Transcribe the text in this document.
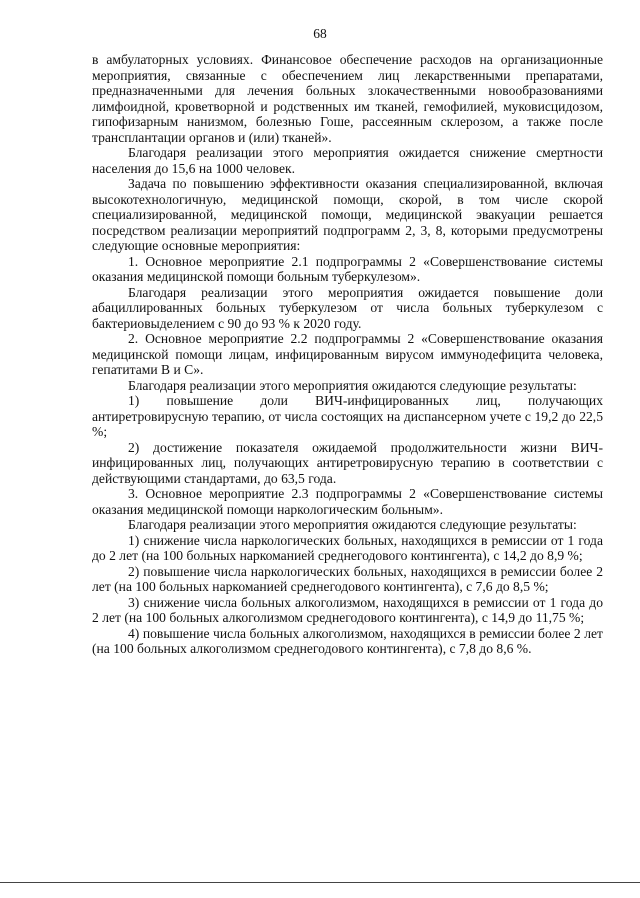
68

в амбулаторных условиях. Финансовое обеспечение расходов на организационные мероприятия, связанные с обеспечением лиц лекарственными препаратами, предназначенными для лечения больных злокачественными новообразованиями лимфоидной, кроветворной и родственных им тканей, гемофилией, муковисцидозом, гипофизарным нанизмом, болезнью Гоше, рассеянным склерозом, а также после трансплантации органов и (или) тканей».

Благодаря реализации этого мероприятия ожидается снижение смертности населения до 15,6 на 1000 человек.

Задача по повышению эффективности оказания специализированной, включая высокотехнологичную, медицинской помощи, скорой, в том числе скорой специализированной, медицинской помощи, медицинской эвакуации решается посредством реализации мероприятий подпрограмм 2, 3, 8, которыми предусмотрены следующие основные мероприятия:

1. Основное мероприятие 2.1 подпрограммы 2 «Совершенствование системы оказания медицинской помощи больным туберкулезом».

Благодаря реализации этого мероприятия ожидается повышение доли абациллированных больных туберкулезом от числа больных туберкулезом с бактериовыделением с 90 до 93 % к 2020 году.

2. Основное мероприятие 2.2 подпрограммы 2 «Совершенствование оказания медицинской помощи лицам, инфицированным вирусом иммунодефицита человека, гепатитами B и C».

Благодаря реализации этого мероприятия ожидаются следующие результаты:

1) повышение доли ВИЧ-инфицированных лиц, получающих антиретровирусную терапию, от числа состоящих на диспансерном учете с 19,2 до 22,5 %;

2) достижение показателя ожидаемой продолжительности жизни ВИЧ-инфицированных лиц, получающих антиретровирусную терапию в соответствии с действующими стандартами, до 63,5 года.

3. Основное мероприятие 2.3 подпрограммы 2 «Совершенствование системы оказания медицинской помощи наркологическим больным».

Благодаря реализации этого мероприятия ожидаются следующие результаты:

1) снижение числа наркологических больных, находящихся в ремиссии от 1 года до 2 лет (на 100 больных наркоманией среднегодового контингента), с 14,2 до 8,9 %;

2) повышение числа наркологических больных, находящихся в ремиссии более 2 лет (на 100 больных наркоманией среднегодового контингента), с 7,6 до 8,5 %;

3) снижение числа больных алкоголизмом, находящихся в ремиссии от 1 года до 2 лет (на 100 больных алкоголизмом среднегодового контингента), с 14,9 до 11,75 %;

4) повышение числа больных алкоголизмом, находящихся в ремиссии более 2 лет (на 100 больных алкоголизмом среднегодового контингента), с 7,8 до 8,6 %.
